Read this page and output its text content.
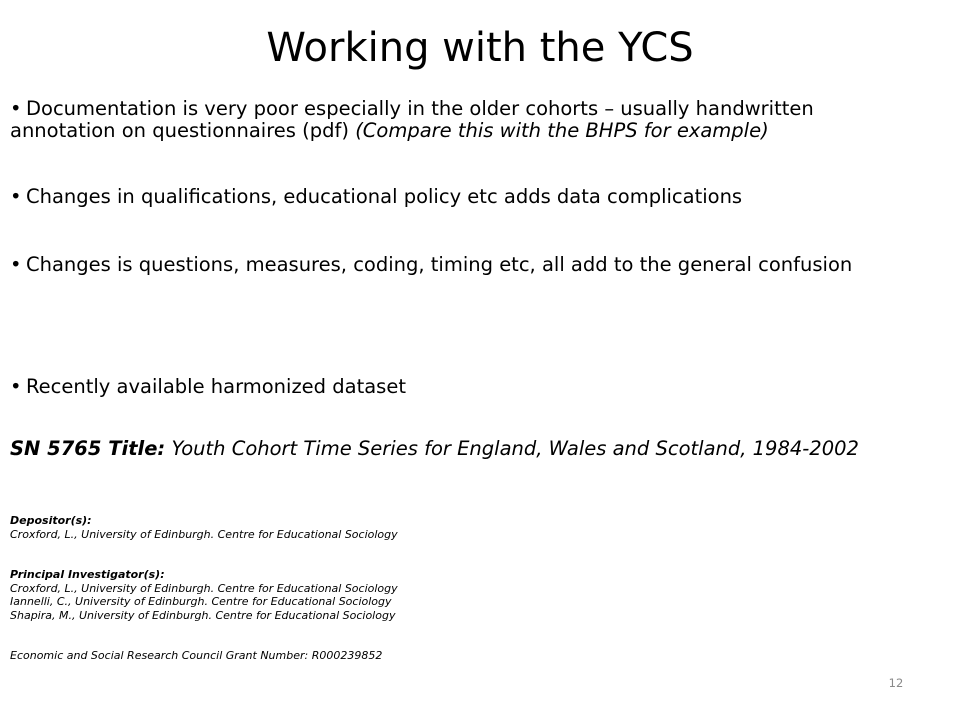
Working with the YCS
• Documentation is very poor especially in the older cohorts – usually handwritten annotation on questionnaires (pdf) (Compare this with the BHPS for example)
• Changes in qualifications, educational policy etc adds data complications
• Changes is questions, measures, coding, timing etc, all add to the general confusion
• Recently available harmonized dataset
SN 5765 Title: Youth Cohort Time Series for England, Wales and Scotland, 1984-2002
Depositor(s):
Croxford, L., University of Edinburgh. Centre for Educational Sociology
Principal Investigator(s):
Croxford, L., University of Edinburgh. Centre for Educational Sociology
Iannelli, C., University of Edinburgh. Centre for Educational Sociology
Shapira, M., University of Edinburgh. Centre for Educational Sociology
Economic and Social Research Council Grant Number: R000239852
12
